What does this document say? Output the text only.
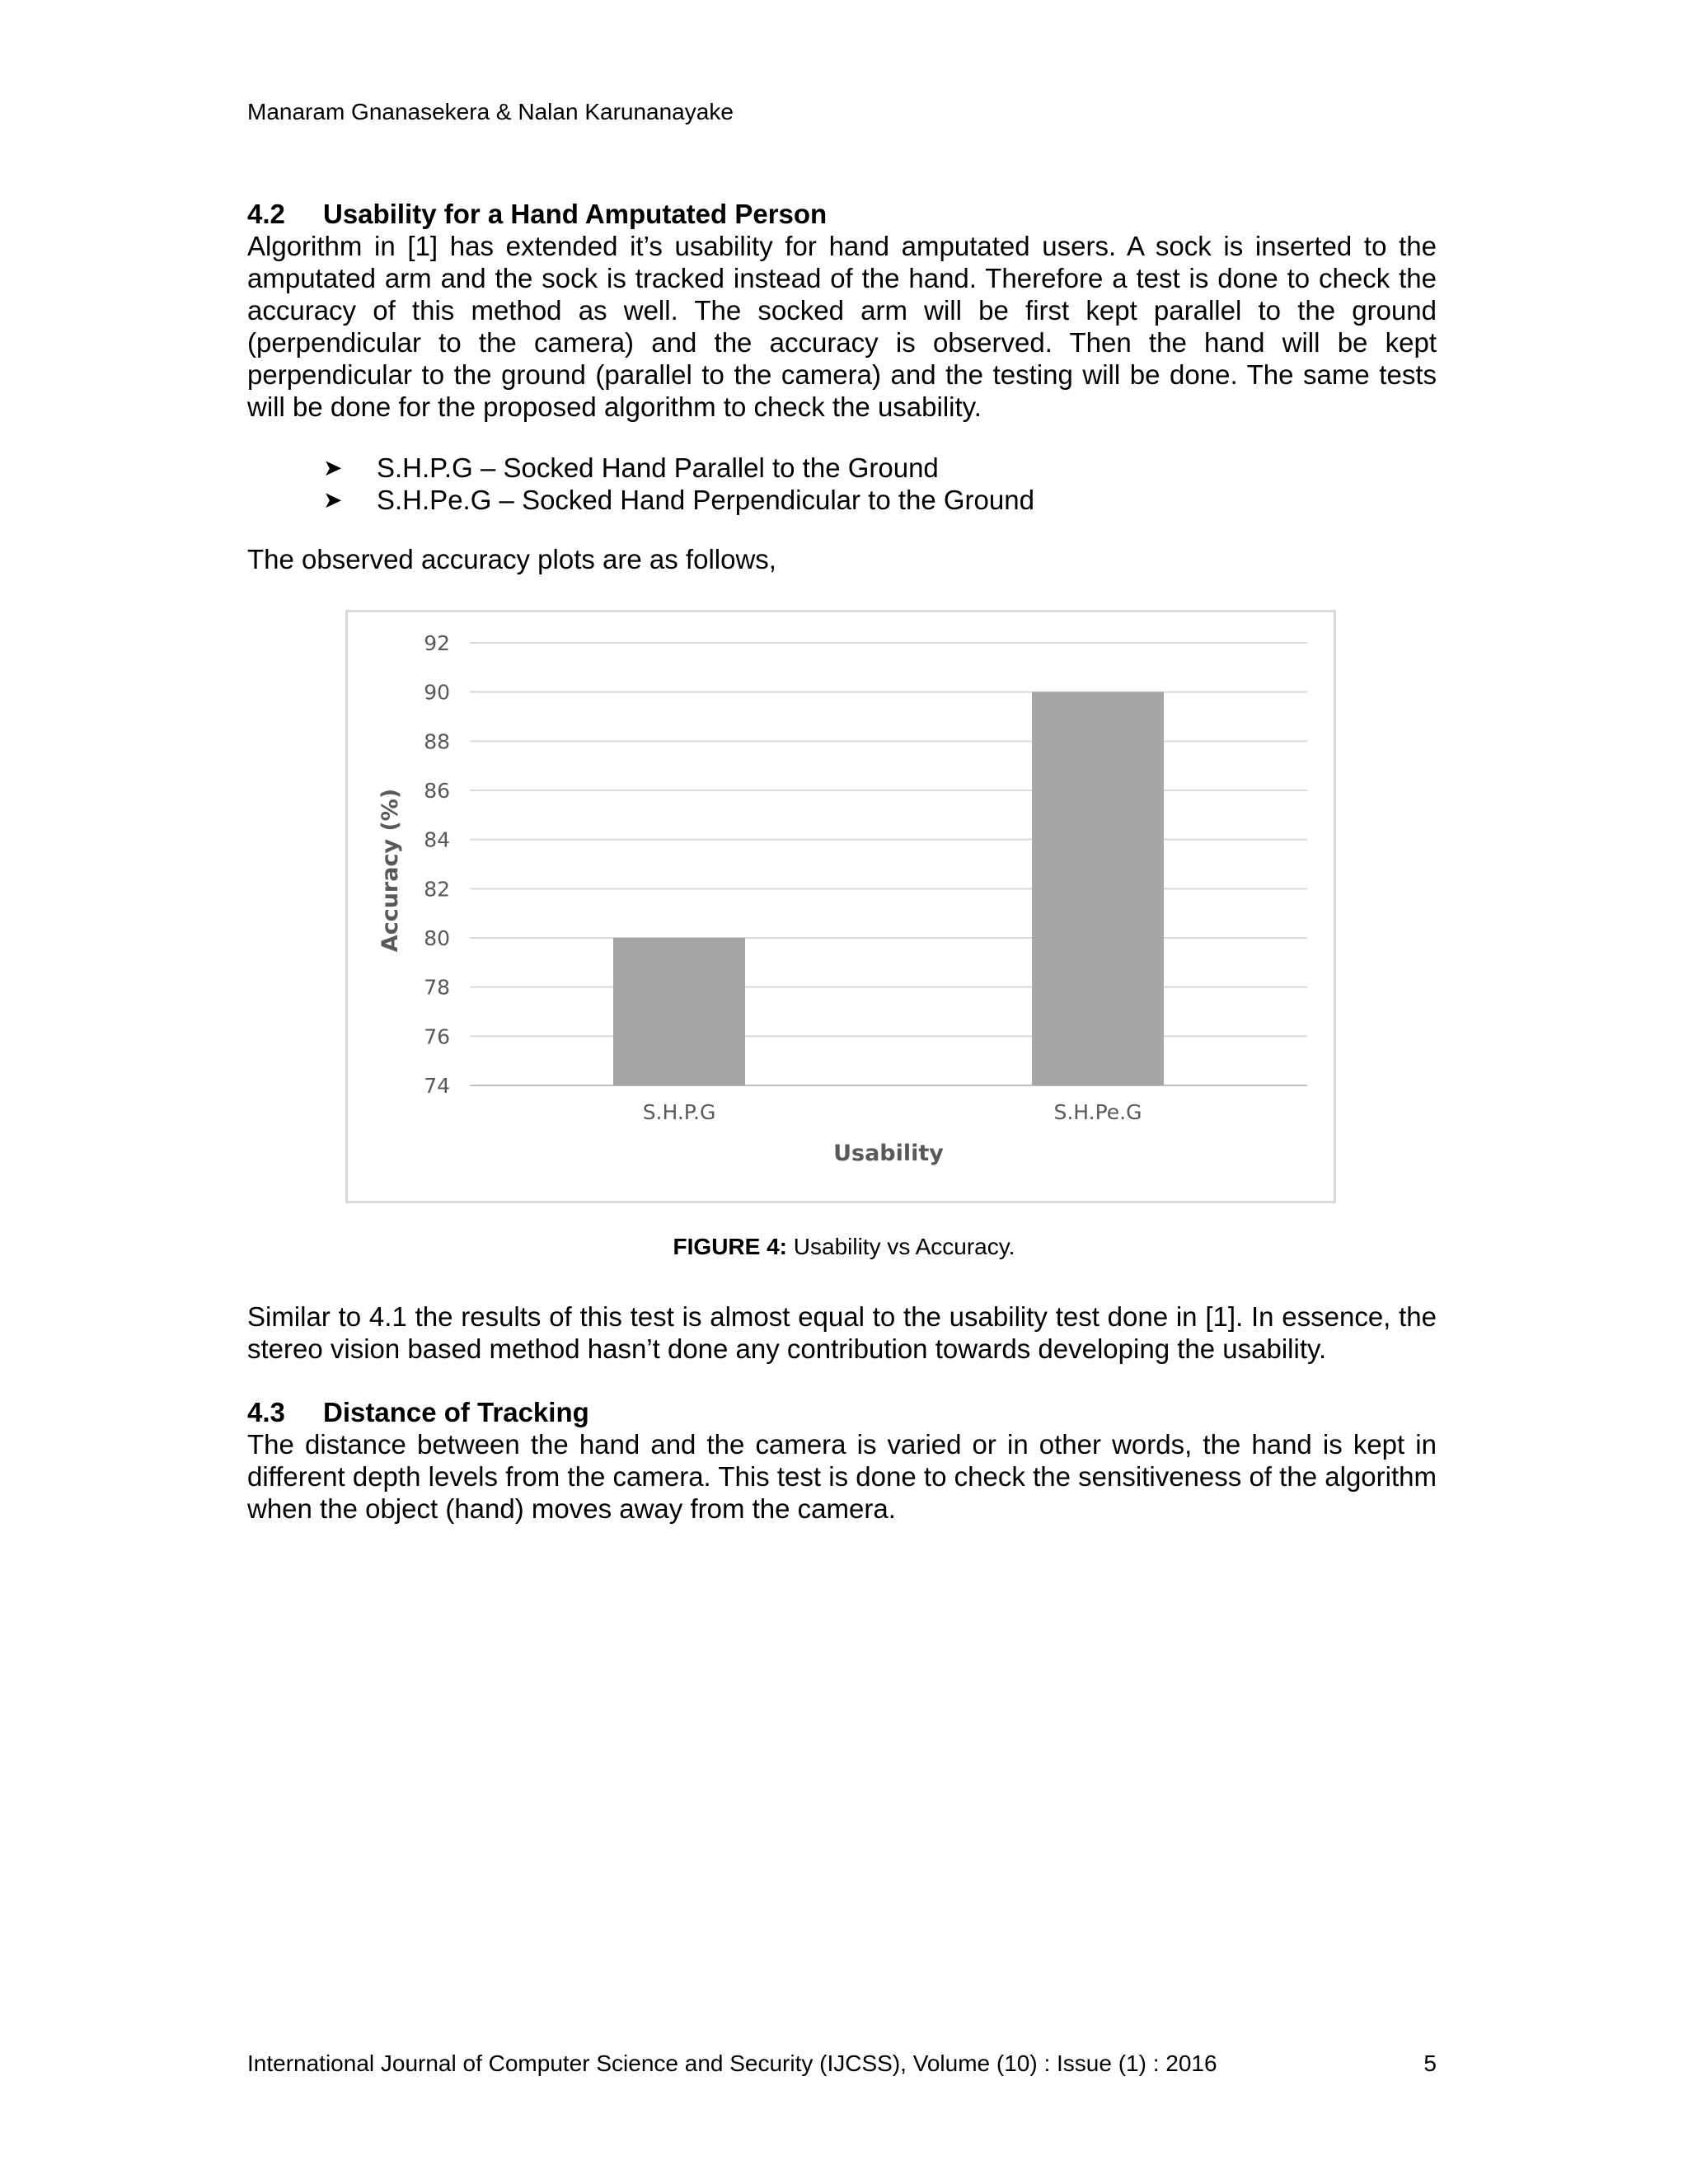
Manaram Gnanasekera & Nalan Karunanayake
4.2	Usability for a Hand Amputated Person

Algorithm in [1] has extended it’s usability for hand amputated users. A sock is inserted to the amputated arm and the sock is tracked instead of the hand. Therefore a test is done to check the accuracy of this method as well. The socked arm will be first kept parallel to the ground (perpendicular to the camera) and the accuracy is observed. Then the hand will be kept perpendicular to the ground (parallel to the camera) and the testing will be done. The same tests will be done for the proposed algorithm to check the usability.

➤	S.H.P.G – Socked Hand Parallel to the Ground
➤	S.H.Pe.G – Socked Hand Perpendicular to the Ground
The observed accuracy plots are as follows,
92
90
88
86
84
82
80
78
76
74
S.H.P.G	S.H.Pe.G
Accuracy (%)
Usability
FIGURE 4: Usability vs Accuracy.

Similar to 4.1 the results of this test is almost equal to the usability test done in [1]. In essence, the stereo vision based method hasn’t done any contribution towards developing the usability.

4.3	Distance of Tracking

The distance between the hand and the camera is varied or in other words, the hand is kept in different depth levels from the camera. This test is done to check the sensitiveness of the algorithm when the object (hand) moves away from the camera.

International Journal of Computer Science and Security (IJCSS), Volume (10) : Issue (1) : 2016	5
